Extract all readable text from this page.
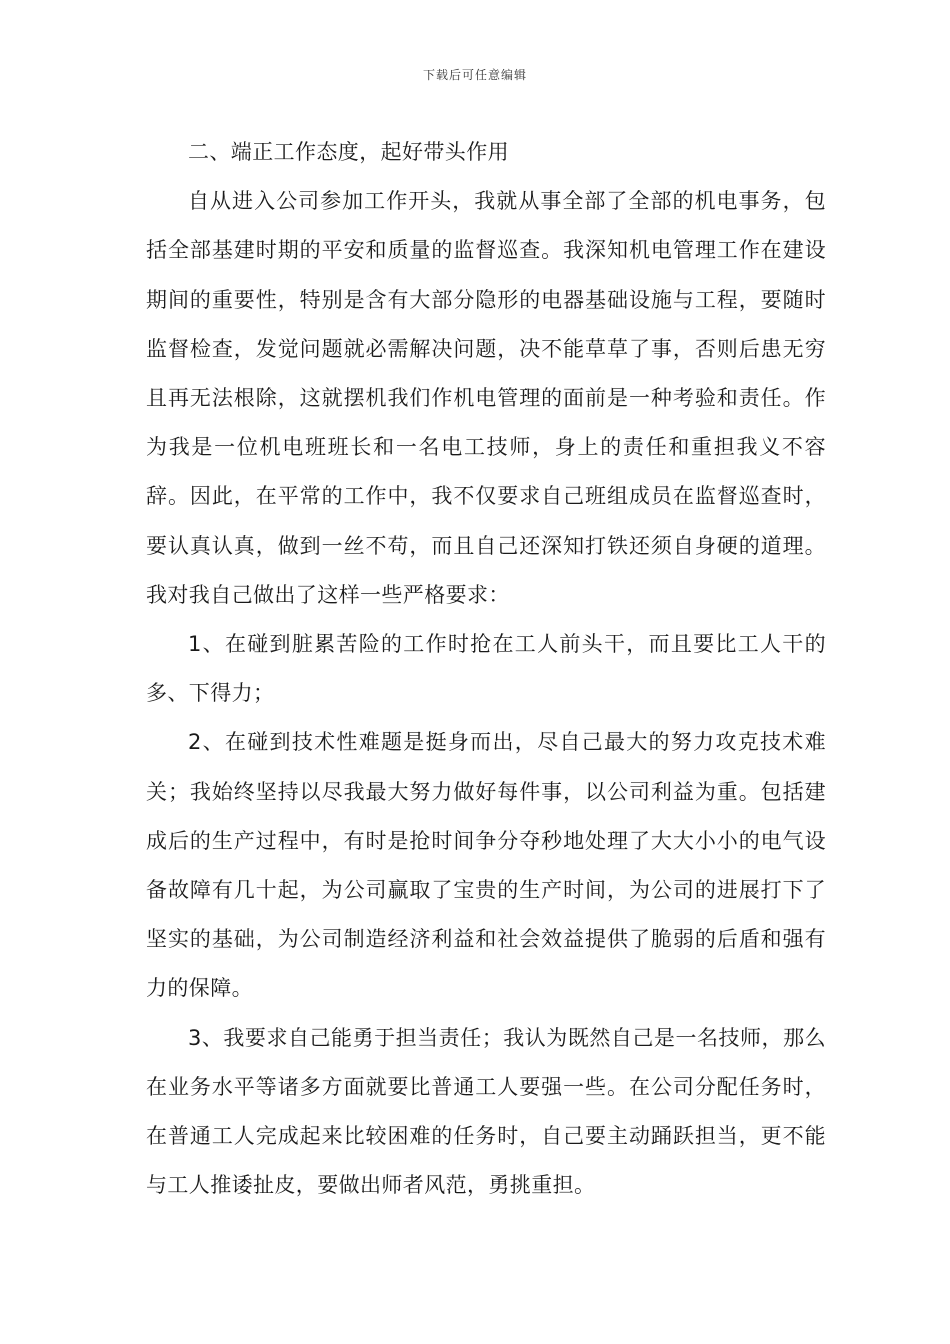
下载后可任意编辑

二、端正工作态度，起好带头作用

自从进入公司参加工作开头，我就从事全部了全部的机电事务，包括全部基建时期的平安和质量的监督巡查。我深知机电管理工作在建设期间的重要性，特别是含有大部分隐形的电器基础设施与工程，要随时监督检查，发觉问题就必需解决问题，决不能草草了事，否则后患无穷且再无法根除，这就摆机我们作机电管理的面前是一种考验和责任。作为我是一位机电班班长和一名电工技师，身上的责任和重担我义不容辞。因此，在平常的工作中，我不仅要求自己班组成员在监督巡查时，要认真认真，做到一丝不苟，而且自己还深知打铁还须自身硬的道理。我对我自己做出了这样一些严格要求：

1、在碰到脏累苦险的工作时抢在工人前头干，而且要比工人干的多、下得力；

2、在碰到技术性难题是挺身而出，尽自己最大的努力攻克技术难关；我始终坚持以尽我最大努力做好每件事，以公司利益为重。包括建成后的生产过程中，有时是抢时间争分夺秒地处理了大大小小的电气设备故障有几十起，为公司赢取了宝贵的生产时间，为公司的进展打下了坚实的基础，为公司制造经济利益和社会效益提供了脆弱的后盾和强有力的保障。

3、我要求自己能勇于担当责任；我认为既然自己是一名技师，那么在业务水平等诸多方面就要比普通工人要强一些。在公司分配任务时，在普通工人完成起来比较困难的任务时，自己要主动踊跃担当，更不能与工人推诿扯皮，要做出师者风范，勇挑重担。
